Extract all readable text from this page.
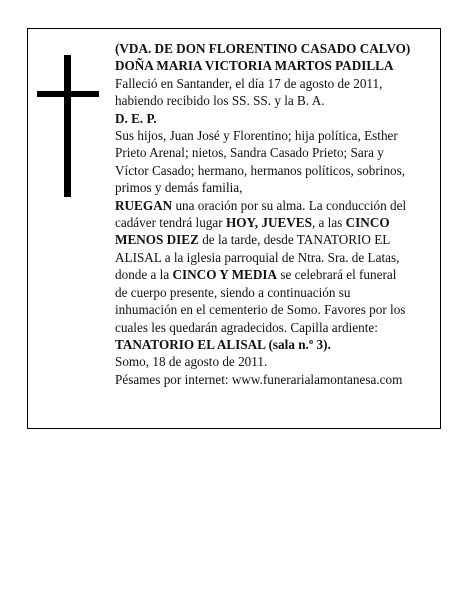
(VDA. DE DON FLORENTINO CASADO CALVO)
DOÑA MARIA VICTORIA MARTOS PADILLA
Falleció en Santander, el día 17 de agosto de 2011,
habiendo recibido los SS. SS. y la B. A.
D. E. P.
Sus hijos, Juan José y Florentino; hija política, Esther
Prieto Arenal; nietos, Sandra Casado Prieto; Sara y
Víctor Casado; hermano, hermanos políticos, sobrinos,
primos y demás familia,
RUEGAN una oración por su alma. La conducción del
cadáver tendrá lugar HOY, JUEVES, a las CINCO
MENOS DIEZ de la tarde, desde TANATORIO EL
ALISAL a la iglesia parroquial de Ntra. Sra. de Latas,
donde a la CINCO Y MEDIA se celebrará el funeral
de cuerpo presente, siendo a continuación su
inhumación en el cementerio de Somo. Favores por los
cuales les quedarán agradecidos. Capilla ardiente:
TANATORIO EL ALISAL (sala n.º 3).
Somo, 18 de agosto de 2011.
Pésames por internet: www.funerarialamontanesa.com
